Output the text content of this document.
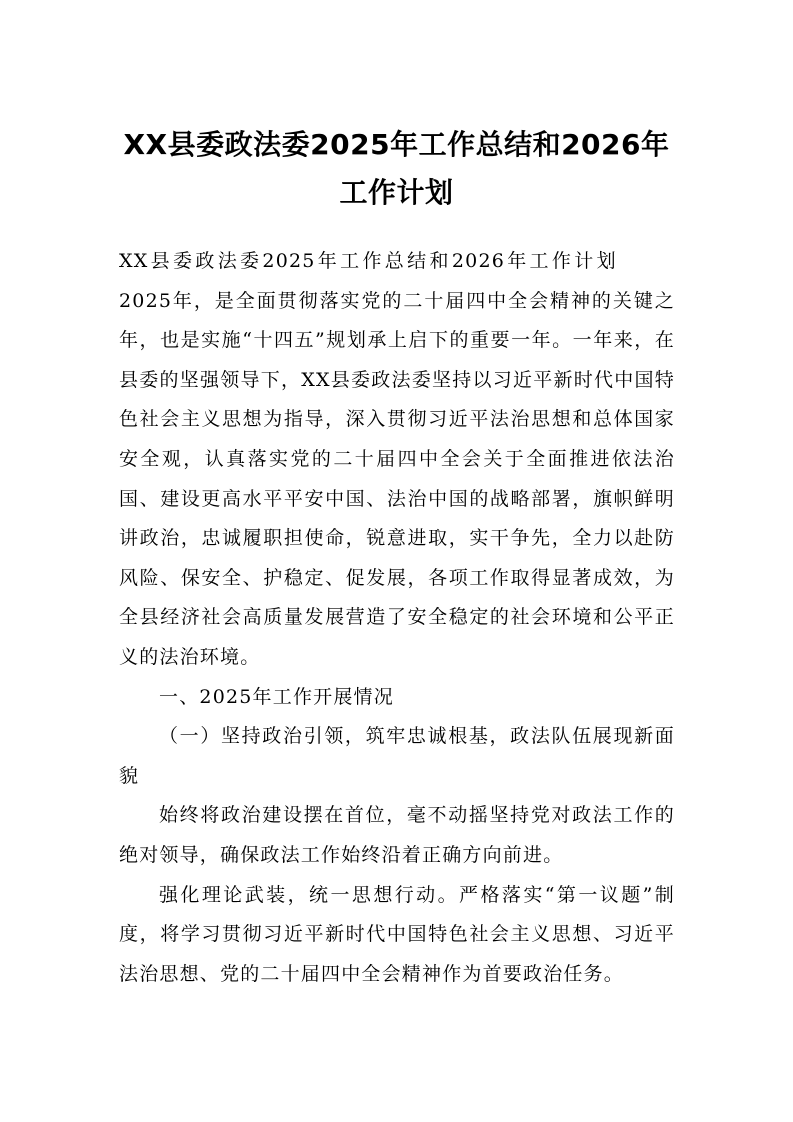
XX县委政法委2025年工作总结和2026年
工作计划

XX县委政法委2025年工作总结和2026年工作计划2025年，是全面贯彻落实党的二十届四中全会精神的关键之年，也是实施“十四五”规划承上启下的重要一年。一年来，在县委的坚强领导下，XX县委政法委坚持以习近平新时代中国特色社会主义思想为指导，深入贯彻习近平法治思想和总体国家安全观，认真落实党的二十届四中全会关于全面推进依法治国、建设更高水平平安中国、法治中国的战略部署，旗帜鲜明讲政治，忠诚履职担使命，锐意进取，实干争先，全力以赴防风险、保安全、护稳定、促发展，各项工作取得显著成效，为全县经济社会高质量发展营造了安全稳定的社会环境和公平正义的法治环境。

一、2025年工作开展情况

（一）坚持政治引领，筑牢忠诚根基，政法队伍展现新面貌

始终将政治建设摆在首位，毫不动摇坚持党对政法工作的绝对领导，确保政法工作始终沿着正确方向前进。

强化理论武装，统一思想行动。严格落实“第一议题”制度，将学习贯彻习近平新时代中国特色社会主义思想、习近平法治思想、党的二十届四中全会精神作为首要政治任务。
